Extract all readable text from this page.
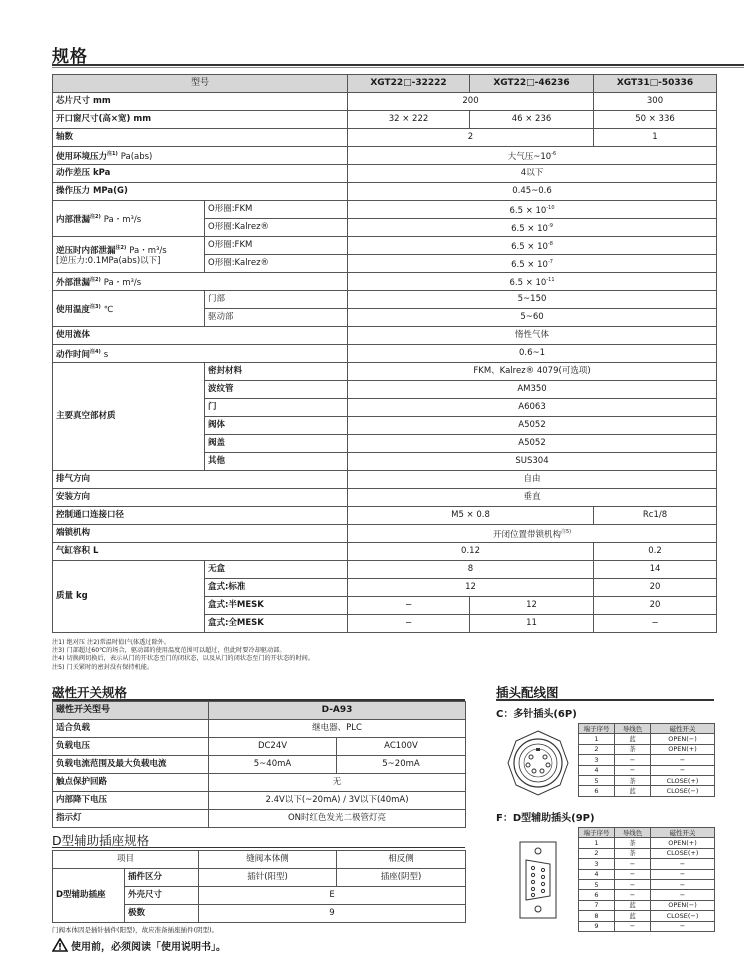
规格
型号		XGT22□-32222	XGT22□-46236	XGT31□-50336
芯片尺寸 mm		200		300
开口窗尺寸(高×宽) mm		32 × 222	46 × 236	50 × 336
轴数		2		1
使用环境压力$^{注1)}$ Pa(abs)		大气压$\sim 10^{-6}$
动作差压 kPa		4以下		
操作压力 MPa(G)		0.45~0.6		
内部泄漏$^{注2)}$ Pa・m³/s	O形圈:FKM	$6.5 \times 10^{-10}$
	O形圈:Kalrez®	$6.5 \times 10^{-9}$
逆压时内部泄漏$^{注2)}$ Pa・m³/s
[逆压力:0.1MPa(abs)以下]	O形圈:FKM	$6.5 \times 10^{-8}$
	O形圈:Kalrez®	$6.5 \times 10^{-7}$
外部泄漏$^{注2)}$ Pa・m³/s		$6.5 \times 10^{-11}$
使用温度$^{注3)}$ ℃	门部	5~150		
	驱动部	5~60		
使用流体		惰性气体		
动作时间$^{注4)}$ s		0.6~1		
主要真空部材质	密封材料	FKM、Kalrez® 4079(可选项)		
	波纹管	AM350		
	门	A6063		
	阀体	A5052		
	阀盖	A5052		
	其他	SUS304		
排气方向		自由		
安装方向		垂直		
控制通口连接口径		M5 × 0.8		Rc1/8
端锁机构		开闭位置带锁机构$^{注5)}$
气缸容积 L		0.12		0.2
质量 kg	无盒	8		14
	盒式:标准	12		20
	盒式:半MESK	−	12	20
	盒式:全MESK	−	11	−
注1) 绝对压 注2)常温时值(气体透过除外。
注3) 门部超过60℃的场合，驱动部的使用温度范围可以超过，但此时要冷却驱动部。
注4) 切换阀切换后，表示从门的开状态至门的闭状态，以及从门的闭状态至门的开状态的时间。
注5) 门关紧时的密封没有保持机能。
磁性开关规格
磁性开关型号	D-A93	
适合负载	继电器、PLC	
负载电压	DC24V	AC100V
负载电流范围及最大负载电流	5~40mA	5~20mA
触点保护回路	无	
内部降下电压	2.4V以下(~20mA) / 3V以下(40mA)	
指示灯	ON时红色发光二极管灯亮	
D型辅助插座规格
项目		缝阀本体侧	相反侧
D型辅助插座	插件区分	插针(阳型)	插座(阴型)
	外壳尺寸	E	
	极数	9	
门阀本体因是插针插件(阳型)，故应准备插座插件(阴型)。
使用前，必须阅读「使用说明书」。
插头配线图
C：多针插头(6P)
端子序号	导线色	磁性开关
1	蓝	OPEN(−)
2	茶	OPEN(+)
3	−	−
4	−	−
5	茶	CLOSE(+)
6	蓝	CLOSE(−)
F：D型辅助插头(9P)
端子序号	导线色	磁性开关
1	茶	OPEN(+)
2	茶	CLOSE(+)
3	−	−
4	−	−
5	−	−
6	−	−
7	蓝	OPEN(−)
8	蓝	CLOSE(−)
9	−	−
